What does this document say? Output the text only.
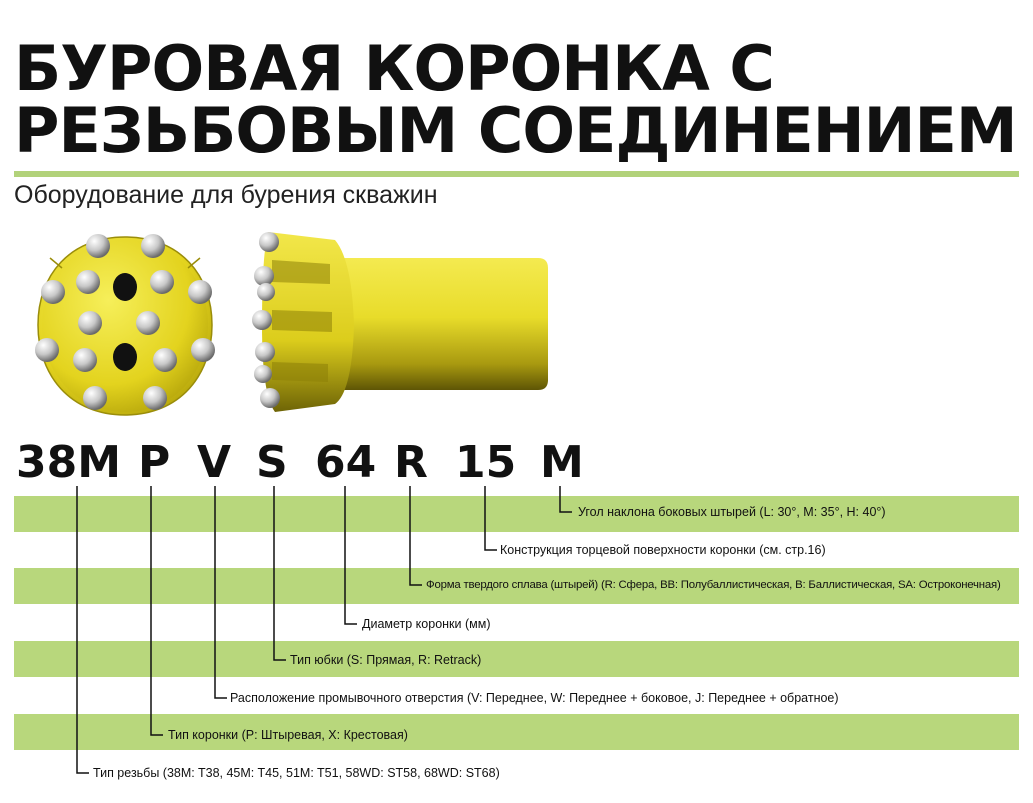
БУРОВАЯ КОРОНКА С
РЕЗЬБОВЫМ СОЕДИНЕНИЕМ
Оборудование для бурения скважин
38M P V S 64 R 15 M
Угол наклона боковых штырей (L: 30°, M: 35°, H: 40°)
Конструкция торцевой поверхности коронки (см. стр.16)
Форма твердого сплава (штырей) (R: Сфера, BB: Полубаллистическая, B: Баллистическая, SA: Остроконечная)
Диаметр коронки (мм)
Тип юбки (S: Прямая, R: Retrack)
Расположение промывочного отверстия (V: Переднее, W: Переднее + боковое, J: Переднее + обратное)
Тип коронки (P: Штыревая, X: Крестовая)
Тип резьбы (38M: T38, 45M: T45, 51M: T51, 58WD: ST58, 68WD: ST68)
